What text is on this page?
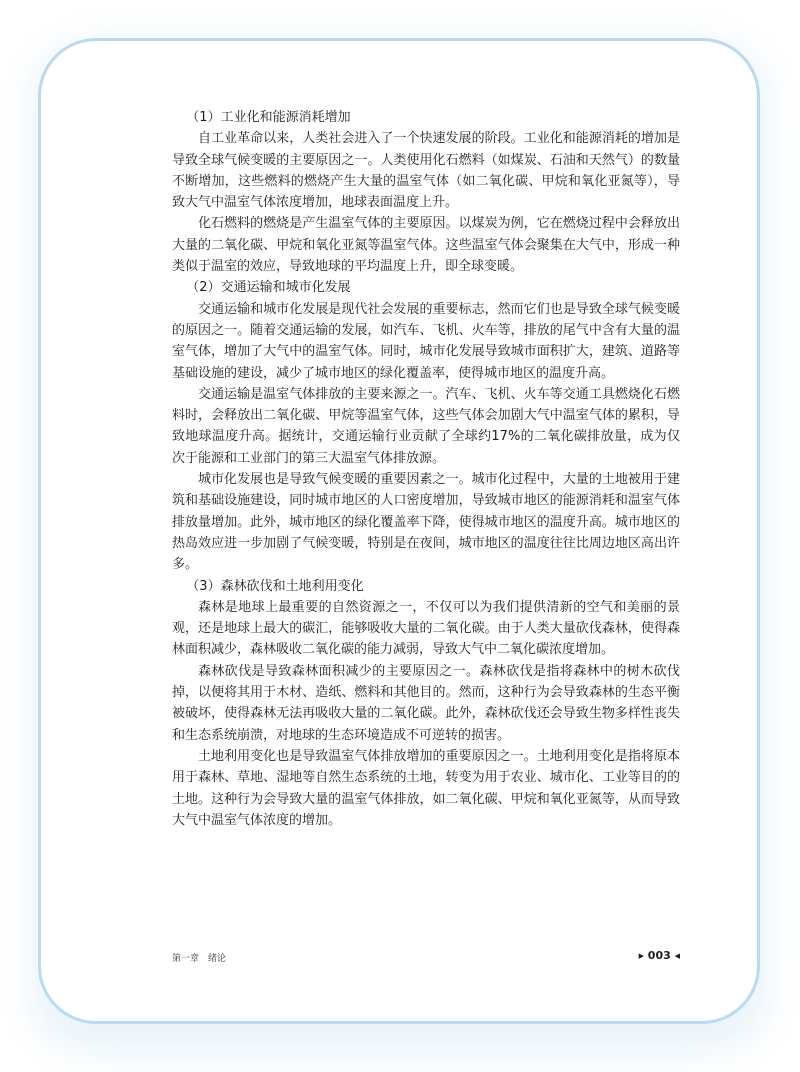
（1）工业化和能源消耗增加

自工业革命以来，人类社会进入了一个快速发展的阶段。工业化和能源消耗的增加是导致全球气候变暖的主要原因之一。人类使用化石燃料（如煤炭、石油和天然气）的数量不断增加，这些燃料的燃烧产生大量的温室气体（如二氧化碳、甲烷和氧化亚氮等），导致大气中温室气体浓度增加，地球表面温度上升。

化石燃料的燃烧是产生温室气体的主要原因。以煤炭为例，它在燃烧过程中会释放出大量的二氧化碳、甲烷和氧化亚氮等温室气体。这些温室气体会聚集在大气中，形成一种类似于温室的效应，导致地球的平均温度上升，即全球变暖。

（2）交通运输和城市化发展

交通运输和城市化发展是现代社会发展的重要标志，然而它们也是导致全球气候变暖的原因之一。随着交通运输的发展，如汽车、飞机、火车等，排放的尾气中含有大量的温室气体，增加了大气中的温室气体。同时，城市化发展导致城市面积扩大，建筑、道路等基础设施的建设，减少了城市地区的绿化覆盖率，使得城市地区的温度升高。

交通运输是温室气体排放的主要来源之一。汽车、飞机、火车等交通工具燃烧化石燃料时，会释放出二氧化碳、甲烷等温室气体，这些气体会加剧大气中温室气体的累积，导致地球温度升高。据统计，交通运输行业贡献了全球约17%的二氧化碳排放量，成为仅次于能源和工业部门的第三大温室气体排放源。

城市化发展也是导致气候变暖的重要因素之一。城市化过程中，大量的土地被用于建筑和基础设施建设，同时城市地区的人口密度增加，导致城市地区的能源消耗和温室气体排放量增加。此外，城市地区的绿化覆盖率下降，使得城市地区的温度升高。城市地区的热岛效应进一步加剧了气候变暖，特别是在夜间，城市地区的温度往往比周边地区高出许多。

（3）森林砍伐和土地利用变化

森林是地球上最重要的自然资源之一，不仅可以为我们提供清新的空气和美丽的景观，还是地球上最大的碳汇，能够吸收大量的二氧化碳。由于人类大量砍伐森林，使得森林面积减少，森林吸收二氧化碳的能力减弱，导致大气中二氧化碳浓度增加。

森林砍伐是导致森林面积减少的主要原因之一。森林砍伐是指将森林中的树木砍伐掉，以便将其用于木材、造纸、燃料和其他目的。然而，这种行为会导致森林的生态平衡被破坏，使得森林无法再吸收大量的二氧化碳。此外，森林砍伐还会导致生物多样性丧失和生态系统崩溃，对地球的生态环境造成不可逆转的损害。

土地利用变化也是导致温室气体排放增加的重要原因之一。土地利用变化是指将原本用于森林、草地、湿地等自然生态系统的土地，转变为用于农业、城市化、工业等目的的土地。这种行为会导致大量的温室气体排放，如二氧化碳、甲烷和氧化亚氮等，从而导致大气中温室气体浓度的增加。

第一章　绪论	▶ 003 ◀
